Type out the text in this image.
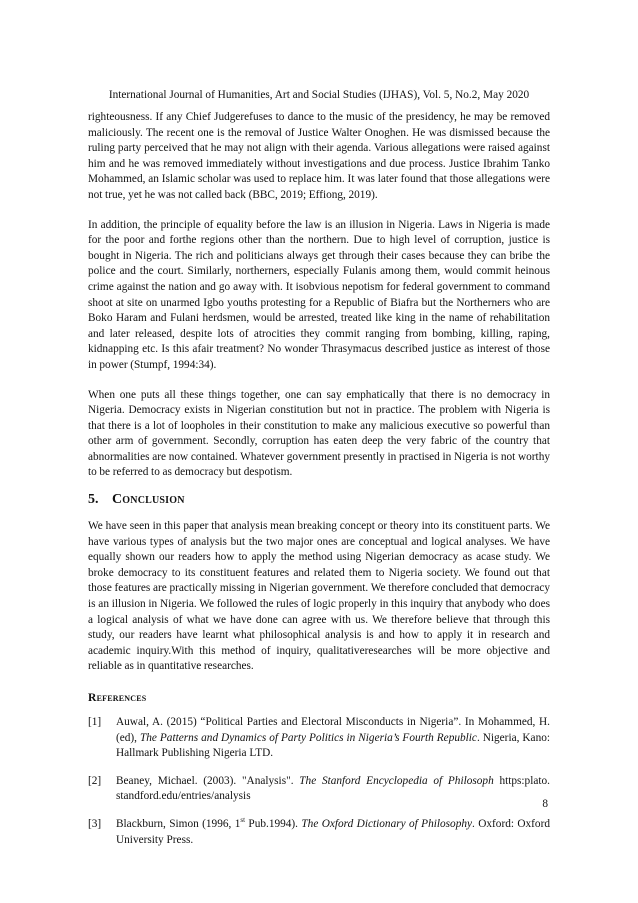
International Journal of Humanities, Art and Social Studies (IJHAS), Vol. 5, No.2, May 2020

righteousness. If any Chief Judgerefuses to dance to the music of the presidency, he may be removed maliciously. The recent one is the removal of Justice Walter Onoghen. He was dismissed because the ruling party perceived that he may not align with their agenda. Various allegations were raised against him and he was removed immediately without investigations and due process. Justice Ibrahim Tanko Mohammed, an Islamic scholar was used to replace him. It was later found that those allegations were not true, yet he was not called back (BBC, 2019; Effiong, 2019).

In addition, the principle of equality before the law is an illusion in Nigeria. Laws in Nigeria is made for the poor and forthe regions other than the northern. Due to high level of corruption, justice is bought in Nigeria. The rich and politicians always get through their cases because they can bribe the police and the court. Similarly, northerners, especially Fulanis among them, would commit heinous crime against the nation and go away with. It isobvious nepotism for federal government to command shoot at site on unarmed Igbo youths protesting for a Republic of Biafra but the Northerners who are Boko Haram and Fulani herdsmen, would be arrested, treated like king in the name of rehabilitation and later released, despite lots of atrocities they commit ranging from bombing, killing, raping, kidnapping etc. Is this afair treatment? No wonder Thrasymacus described justice as interest of those in power (Stumpf, 1994:34).

When one puts all these things together, one can say emphatically that there is no democracy in Nigeria. Democracy exists in Nigerian constitution but not in practice. The problem with Nigeria is that there is a lot of loopholes in their constitution to make any malicious executive so powerful than other arm of government. Secondly, corruption has eaten deep the very fabric of the country that abnormalities are now contained. Whatever government presently in practised in Nigeria is not worthy to be referred to as democracy but despotism.

5. Conclusion

We have seen in this paper that analysis mean breaking concept or theory into its constituent parts. We have various types of analysis but the two major ones are conceptual and logical analyses. We have equally shown our readers how to apply the method using Nigerian democracy as acase study. We broke democracy to its constituent features and related them to Nigeria society. We found out that those features are practically missing in Nigerian government. We therefore concluded that democracy is an illusion in Nigeria. We followed the rules of logic properly in this inquiry that anybody who does a logical analysis of what we have done can agree with us. We therefore believe that through this study, our readers have learnt what philosophical analysis is and how to apply it in research and academic inquiry.With this method of inquiry, qualitativeresearches will be more objective and reliable as in quantitative researches.

References
[1]	Auwal, A. (2015) “Political Parties and Electoral Misconducts in Nigeria”. In Mohammed, H.(ed), The Patterns and Dynamics of Party Politics in Nigeria’s Fourth Republic. Nigeria, Kano: Hallmark Publishing Nigeria LTD.
[2]	Beaney, Michael. (2003). "Analysis". The Stanford Encyclopedia of Philosoph https:plato. standford.edu/entries/analysis
[3]	Blackburn, Simon (1996, 1st Pub.1994). The Oxford Dictionary of Philosophy. Oxford: Oxford University Press.
8
